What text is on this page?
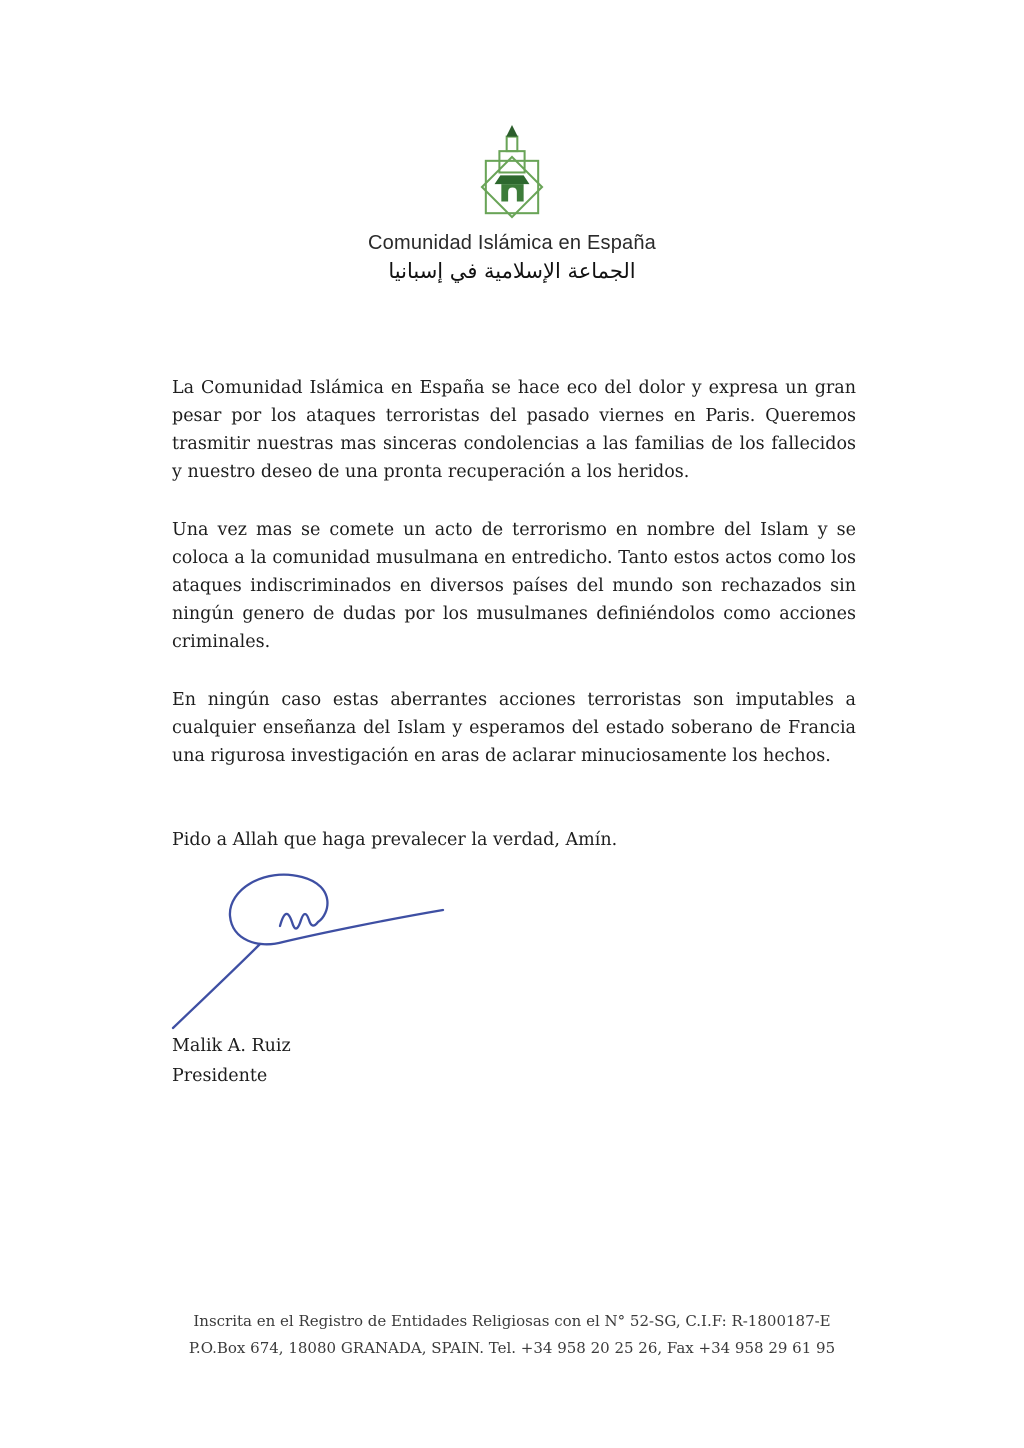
Comunidad Islámica en España
الجماعة الإسلامية في إسبانيا

La Comunidad Islámica en España se hace eco del dolor y expresa un gran pesar por los ataques terroristas del pasado viernes en Paris. Queremos trasmitir nuestras mas sinceras condolencias a las familias de los fallecidos y nuestro deseo de una pronta recuperación a los heridos.

Una vez mas se comete un acto de terrorismo en nombre del Islam y se coloca a la comunidad musulmana en entredicho. Tanto estos actos como los ataques indiscriminados en diversos países del mundo son rechazados sin ningún genero de dudas por los musulmanes definiéndolos como acciones criminales.

En ningún caso estas aberrantes acciones terroristas son imputables a cualquier enseñanza del Islam y esperamos del estado soberano de Francia una rigurosa investigación en aras de aclarar minuciosamente los hechos.

Pido a Allah que haga prevalecer la verdad, Amín.

Malik A. Ruiz
Presidente
Inscrita en el Registro de Entidades Religiosas con el N° 52-SG, C.I.F: R-1800187-E
P.O.Box 674, 18080 GRANADA, SPAIN. Tel. +34 958 20 25 26, Fax +34 958 29 61 95
